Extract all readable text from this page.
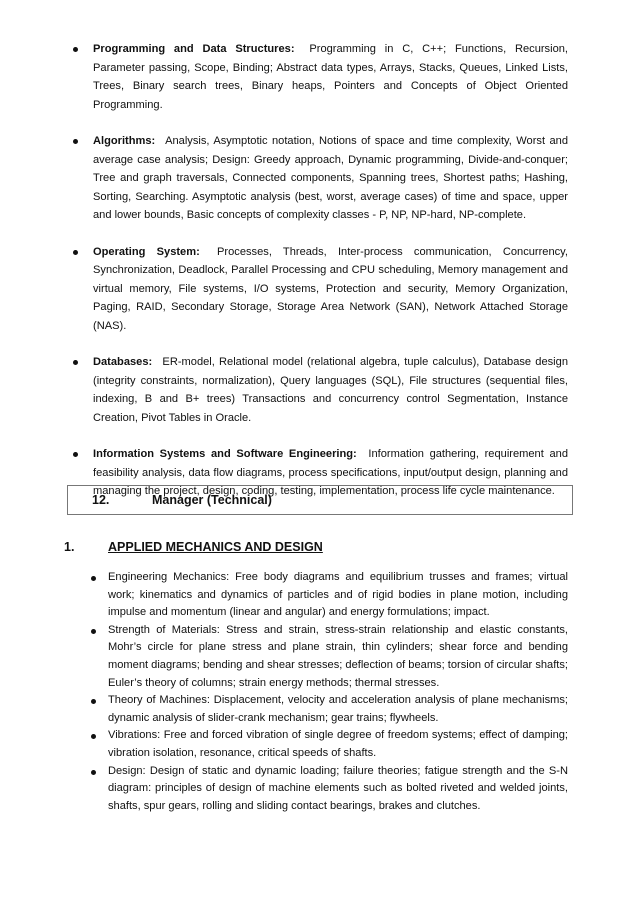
Programming and Data Structures: Programming in C, C++; Functions, Recursion, Parameter passing, Scope, Binding; Abstract data types, Arrays, Stacks, Queues, Linked Lists, Trees, Binary search trees, Binary heaps, Pointers and Concepts of Object Oriented Programming.
Algorithms: Analysis, Asymptotic notation, Notions of space and time complexity, Worst and average case analysis; Design: Greedy approach, Dynamic programming, Divide-and-conquer; Tree and graph traversals, Connected components, Spanning trees, Shortest paths; Hashing, Sorting, Searching. Asymptotic analysis (best, worst, average cases) of time and space, upper and lower bounds, Basic concepts of complexity classes - P, NP, NP-hard, NP-complete.
Operating System: Processes, Threads, Inter-process communication, Concurrency, Synchronization, Deadlock, Parallel Processing and CPU scheduling, Memory management and virtual memory, File systems, I/O systems, Protection and security, Memory Organization, Paging, RAID, Secondary Storage, Storage Area Network (SAN), Network Attached Storage (NAS).
Databases: ER-model, Relational model (relational algebra, tuple calculus), Database design (integrity constraints, normalization), Query languages (SQL), File structures (sequential files, indexing, B and B+ trees) Transactions and concurrency control Segmentation, Instance Creation, Pivot Tables in Oracle.
Information Systems and Software Engineering: Information gathering, requirement and feasibility analysis, data flow diagrams, process specifications, input/output design, planning and managing the project, design, coding, testing, implementation, process life cycle maintenance.
12.	Manager (Technical)
1.	APPLIED MECHANICS AND DESIGN
Engineering Mechanics: Free body diagrams and equilibrium trusses and frames; virtual work; kinematics and dynamics of particles and of rigid bodies in plane motion, including impulse and momentum (linear and angular) and energy formulations; impact.
Strength of Materials: Stress and strain, stress-strain relationship and elastic constants, Mohr’s circle for plane stress and plane strain, thin cylinders; shear force and bending moment diagrams; bending and shear stresses; deflection of beams; torsion of circular shafts; Euler’s theory of columns; strain energy methods; thermal stresses.
Theory of Machines: Displacement, velocity and acceleration analysis of plane mechanisms; dynamic analysis of slider-crank mechanism; gear trains; flywheels.
Vibrations: Free and forced vibration of single degree of freedom systems; effect of damping; vibration isolation, resonance, critical speeds of shafts.
Design: Design of static and dynamic loading; failure theories; fatigue strength and the S-N diagram: principles of design of machine elements such as bolted riveted and welded joints, shafts, spur gears, rolling and sliding contact bearings, brakes and clutches.
